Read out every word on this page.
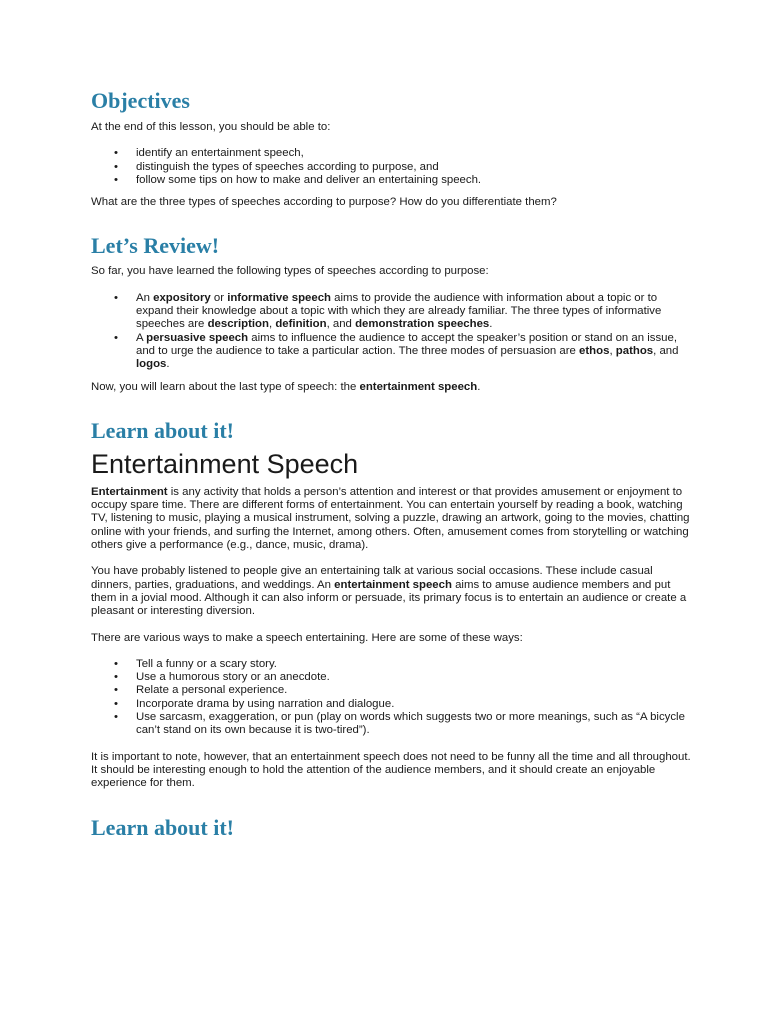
Objectives

At the end of this lesson, you should be able to:

• identify an entertainment speech,
• distinguish the types of speeches according to purpose, and
• follow some tips on how to make and deliver an entertaining speech.

What are the three types of speeches according to purpose? How do you differentiate them?

Let’s Review!

So far, you have learned the following types of speeches according to purpose:

• An expository or informative speech aims to provide the audience with information about a topic or to expand their knowledge about a topic with which they are already familiar. The three types of informative speeches are description, definition, and demonstration speeches.
• A persuasive speech aims to influence the audience to accept the speaker’s position or stand on an issue, and to urge the audience to take a particular action. The three modes of persuasion are ethos, pathos, and logos.

Now, you will learn about the last type of speech: the entertainment speech.

Learn about it!
Entertainment Speech

Entertainment is any activity that holds a person’s attention and interest or that provides amusement or enjoyment to occupy spare time. There are different forms of entertainment. You can entertain yourself by reading a book, watching TV, listening to music, playing a musical instrument, solving a puzzle, drawing an artwork, going to the movies, chatting online with your friends, and surfing the Internet, among others. Often, amusement comes from storytelling or watching others give a performance (e.g., dance, music, drama).

You have probably listened to people give an entertaining talk at various social occasions. These include casual dinners, parties, graduations, and weddings. An entertainment speech aims to amuse audience members and put them in a jovial mood. Although it can also inform or persuade, its primary focus is to entertain an audience or create a pleasant or interesting diversion.

There are various ways to make a speech entertaining. Here are some of these ways:

• Tell a funny or a scary story.
• Use a humorous story or an anecdote.
• Relate a personal experience.
• Incorporate drama by using narration and dialogue.
• Use sarcasm, exaggeration, or pun (play on words which suggests two or more meanings, such as “A bicycle can’t stand on its own because it is two-tired”).

It is important to note, however, that an entertainment speech does not need to be funny all the time and all throughout. It should be interesting enough to hold the attention of the audience members, and it should create an enjoyable experience for them.

Learn about it!
